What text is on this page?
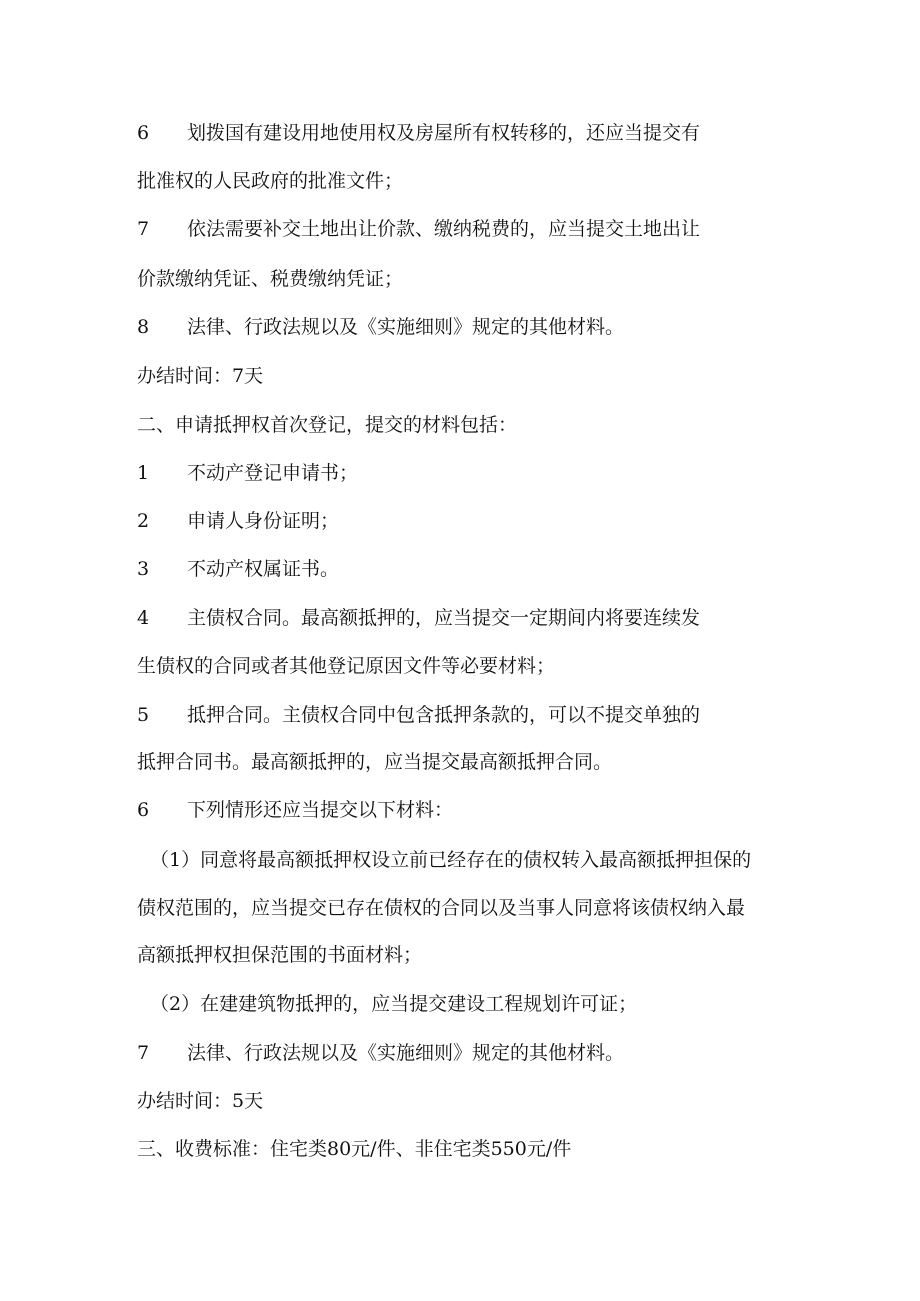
6 划拨国有建设用地使用权及房屋所有权转移的，还应当提交有
批准权的人民政府的批准文件；
7 依法需要补交土地出让价款、缴纳税费的，应当提交土地出让
价款缴纳凭证、税费缴纳凭证；
8 法律、行政法规以及《实施细则》规定的其他材料。
办结时间：7天
二、申请抵押权首次登记，提交的材料包括：
1 不动产登记申请书；
2 申请人身份证明；
3 不动产权属证书。
4 主债权合同。最高额抵押的，应当提交一定期间内将要连续发
生债权的合同或者其他登记原因文件等必要材料；
5 抵押合同。主债权合同中包含抵押条款的，可以不提交单独的
抵押合同书。最高额抵押的，应当提交最高额抵押合同。
6 下列情形还应当提交以下材料：
（1）同意将最高额抵押权设立前已经存在的债权转入最高额抵押担保的
债权范围的，应当提交已存在债权的合同以及当事人同意将该债权纳入最
高额抵押权担保范围的书面材料；
（2）在建建筑物抵押的，应当提交建设工程规划许可证；
7 法律、行政法规以及《实施细则》规定的其他材料。
办结时间：5天
三、收费标准：住宅类80元/件、非住宅类550元/件
